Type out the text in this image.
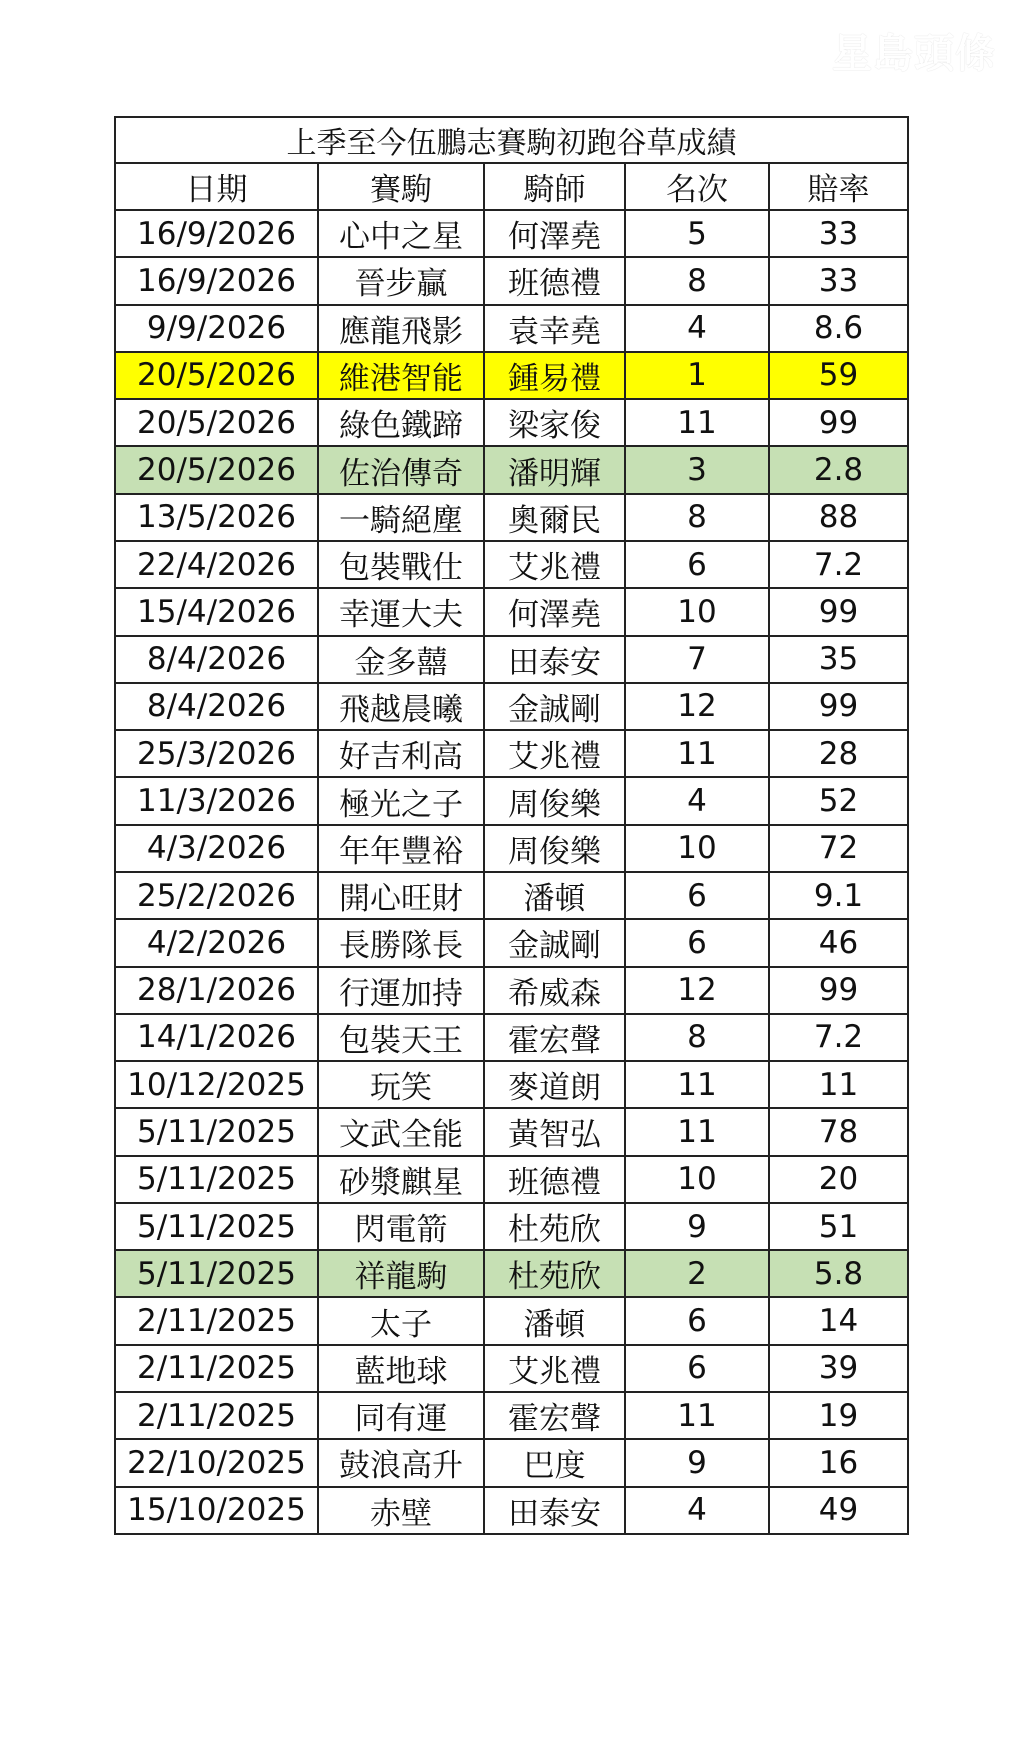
星島頭條
上季至今伍鵬志賽駒初跑谷草成績				
日期	賽駒	騎師	名次	賠率
16/9/2026	心中之星	何澤堯	5	33
16/9/2026	晉步贏	班德禮	8	33
9/9/2026	應龍飛影	袁幸堯	4	8.6
20/5/2026	維港智能	鍾易禮	1	59
20/5/2026	綠色鐵蹄	梁家俊	11	99
20/5/2026	佐治傳奇	潘明輝	3	2.8
13/5/2026	一騎絕塵	奧爾民	8	88
22/4/2026	包裝戰仕	艾兆禮	6	7.2
15/4/2026	幸運大夫	何澤堯	10	99
8/4/2026	金多囍	田泰安	7	35
8/4/2026	飛越晨曦	金誠剛	12	99
25/3/2026	好吉利高	艾兆禮	11	28
11/3/2026	極光之子	周俊樂	4	52
4/3/2026	年年豐裕	周俊樂	10	72
25/2/2026	開心旺財	潘頓	6	9.1
4/2/2026	長勝隊長	金誠剛	6	46
28/1/2026	行運加持	希威森	12	99
14/1/2026	包裝天王	霍宏聲	8	7.2
10/12/2025	玩笑	麥道朗	11	11
5/11/2025	文武全能	黃智弘	11	78
5/11/2025	砂漿麒星	班德禮	10	20
5/11/2025	閃電箭	杜苑欣	9	51
5/11/2025	祥龍駒	杜苑欣	2	5.8
2/11/2025	太子	潘頓	6	14
2/11/2025	藍地球	艾兆禮	6	39
2/11/2025	同有運	霍宏聲	11	19
22/10/2025	鼓浪高升	巴度	9	16
15/10/2025	赤壁	田泰安	4	49
